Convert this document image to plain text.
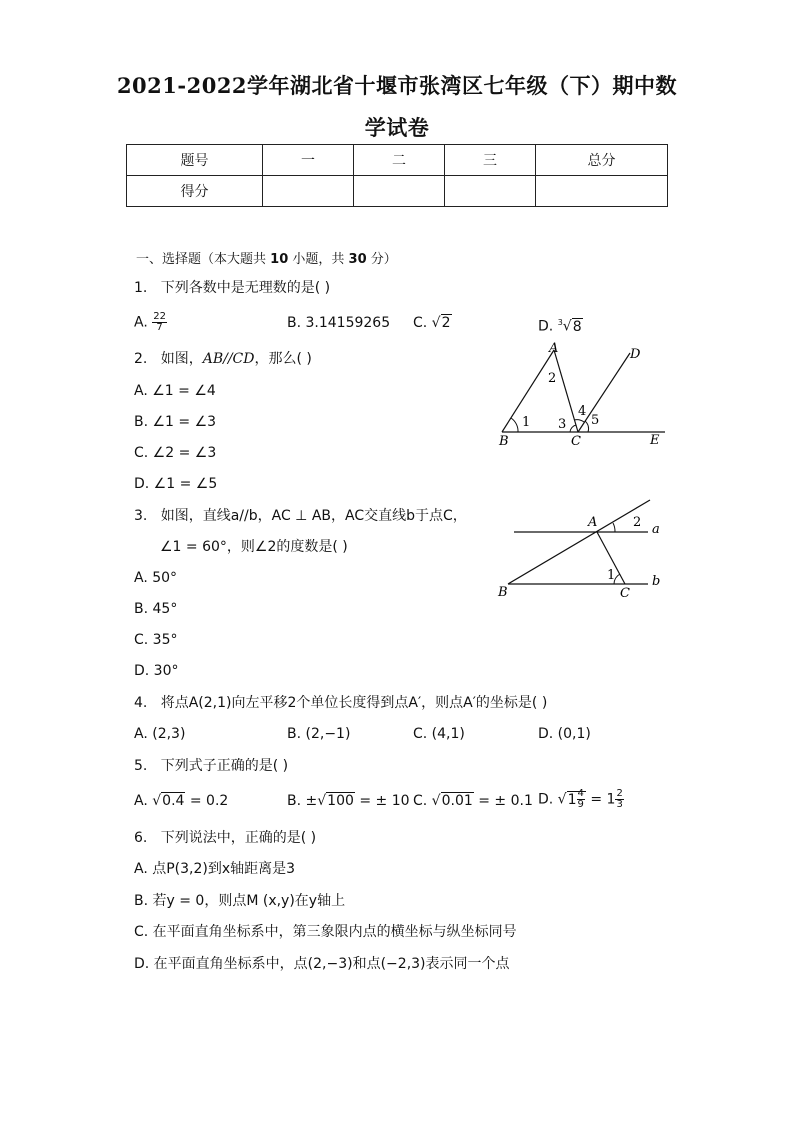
2021-2022学年湖北省十堰市张湾区七年级（下）期中数
学试卷
题号	一	二	三	总分
得分				
一、选择题（本大题共 10 小题，共 30 分）
1. 下列各数中是无理数的是( )
A. $\frac{22}{7}$	B. 3.14159265 C. √2	D. $^3$√8
2. 如图，AB//CD，那么( )
A. ∠1 = ∠4
B. ∠1 = ∠3
C. ∠2 = ∠3
D. ∠1 = ∠5
A
B	C
D
E
1
2
3
4
5
3. 如图，直线a//b，AC ⊥ AB，AC交直线b于点C，
∠1 = 60°，则∠2的度数是( )
A. 50°
B. 45°
C. 35°
D. 30°
A
B	C
a
b
1
2
4. 将点A(2,1)向左平移2个单位长度得到点A′，则点A′的坐标是( )
A. (2,3)	B. (2,−1)	C. (4,1)	D. (0,1)
5. 下列式子正确的是( )
A. √0.4 = 0.2	B. ±√100 = ± 10 C. √0.01 = ± 0.1 D. $√1 \frac{4}{9} = 1 \frac{2}{3}$
6. 下列说法中，正确的是( )
A. 点P(3,2)到x轴距离是3
B. 若y = 0，则点M (x,y)在y轴上
C. 在平面直角坐标系中，第三象限内点的横坐标与纵坐标同号
D. 在平面直角坐标系中，点(2,−3)和点(−2,3)表示同一个点
